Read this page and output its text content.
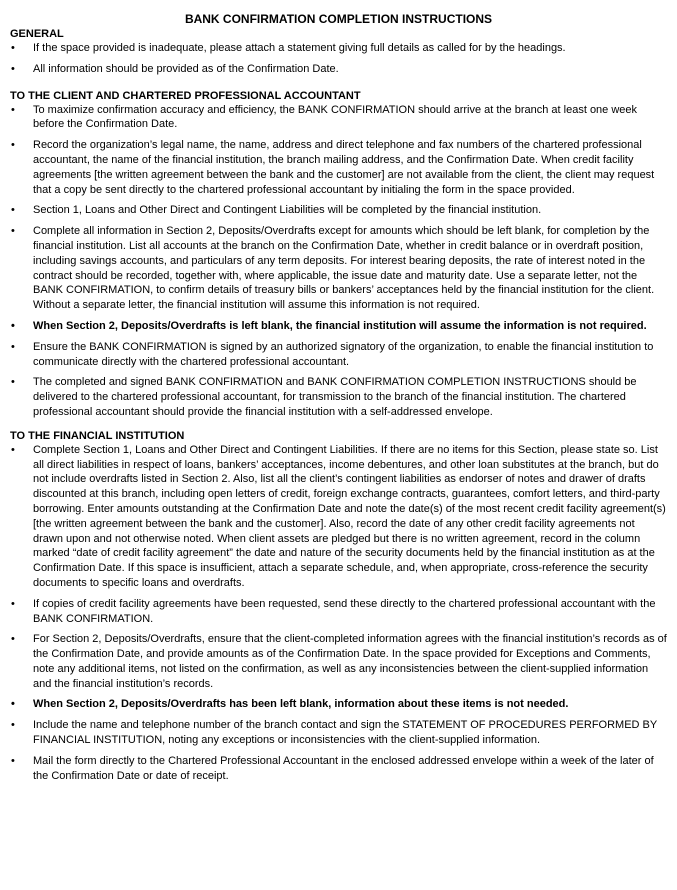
BANK CONFIRMATION COMPLETION INSTRUCTIONS
GENERAL
• If the space provided is inadequate, please attach a statement giving full details as called for by the headings.
• All information should be provided as of the Confirmation Date.
TO THE CLIENT AND CHARTERED PROFESSIONAL ACCOUNTANT
• To maximize confirmation accuracy and efficiency, the BANK CONFIRMATION should arrive at the branch at least one week before the Confirmation Date.
• Record the organization’s legal name, the name, address and direct telephone and fax numbers of the chartered professional accountant, the name of the financial institution, the branch mailing address, and the Confirmation Date. When credit facility agreements [the written agreement between the bank and the customer] are not available from the client, the client may request that a copy be sent directly to the chartered professional accountant by initialing the form in the space provided.
• Section 1, Loans and Other Direct and Contingent Liabilities will be completed by the financial institution.
• Complete all information in Section 2, Deposits/Overdrafts except for amounts which should be left blank, for completion by the financial institution. List all accounts at the branch on the Confirmation Date, whether in credit balance or in overdraft position, including savings accounts, and particulars of any term deposits. For interest bearing deposits, the rate of interest noted in the contract should be recorded, together with, where applicable, the issue date and maturity date. Use a separate letter, not the BANK CONFIRMATION, to confirm details of treasury bills or bankers’ acceptances held by the financial institution for the client. Without a separate letter, the financial institution will assume this information is not required.
• When Section 2, Deposits/Overdrafts is left blank, the financial institution will assume the information is not required.
• Ensure the BANK CONFIRMATION is signed by an authorized signatory of the organization, to enable the financial institution to communicate directly with the chartered professional accountant.
• The completed and signed BANK CONFIRMATION and BANK CONFIRMATION COMPLETION INSTRUCTIONS should be delivered to the chartered professional accountant, for transmission to the branch of the financial institution. The chartered professional accountant should provide the financial institution with a self-addressed envelope.
TO THE FINANCIAL INSTITUTION
• Complete Section 1, Loans and Other Direct and Contingent Liabilities. If there are no items for this Section, please state so. List all direct liabilities in respect of loans, bankers’ acceptances, income debentures, and other loan substitutes at the branch, but do not include overdrafts listed in Section 2. Also, list all the client’s contingent liabilities as endorser of notes and drawer of drafts discounted at this branch, including open letters of credit, foreign exchange contracts, guarantees, comfort letters, and third-party borrowing. Enter amounts outstanding at the Confirmation Date and note the date(s) of the most recent credit facility agreement(s) [the written agreement between the bank and the customer]. Also, record the date of any other credit facility agreements not drawn upon and not otherwise noted. When client assets are pledged but there is no written agreement, record in the column marked “date of credit facility agreement” the date and nature of the security documents held by the financial institution as at the Confirmation Date. If this space is insufficient, attach a separate schedule, and, when appropriate, cross-reference the security documents to specific loans and overdrafts.
• If copies of credit facility agreements have been requested, send these directly to the chartered professional accountant with the BANK CONFIRMATION.
• For Section 2, Deposits/Overdrafts, ensure that the client-completed information agrees with the financial institution’s records as of the Confirmation Date, and provide amounts as of the Confirmation Date. In the space provided for Exceptions and Comments, note any additional items, not listed on the confirmation, as well as any inconsistencies between the client-supplied information and the financial institution’s records.
• When Section 2, Deposits/Overdrafts has been left blank, information about these items is not needed.
• Include the name and telephone number of the branch contact and sign the STATEMENT OF PROCEDURES PERFORMED BY FINANCIAL INSTITUTION, noting any exceptions or inconsistencies with the client-supplied information.
• Mail the form directly to the Chartered Professional Accountant in the enclosed addressed envelope within a week of the later of the Confirmation Date or date of receipt.
